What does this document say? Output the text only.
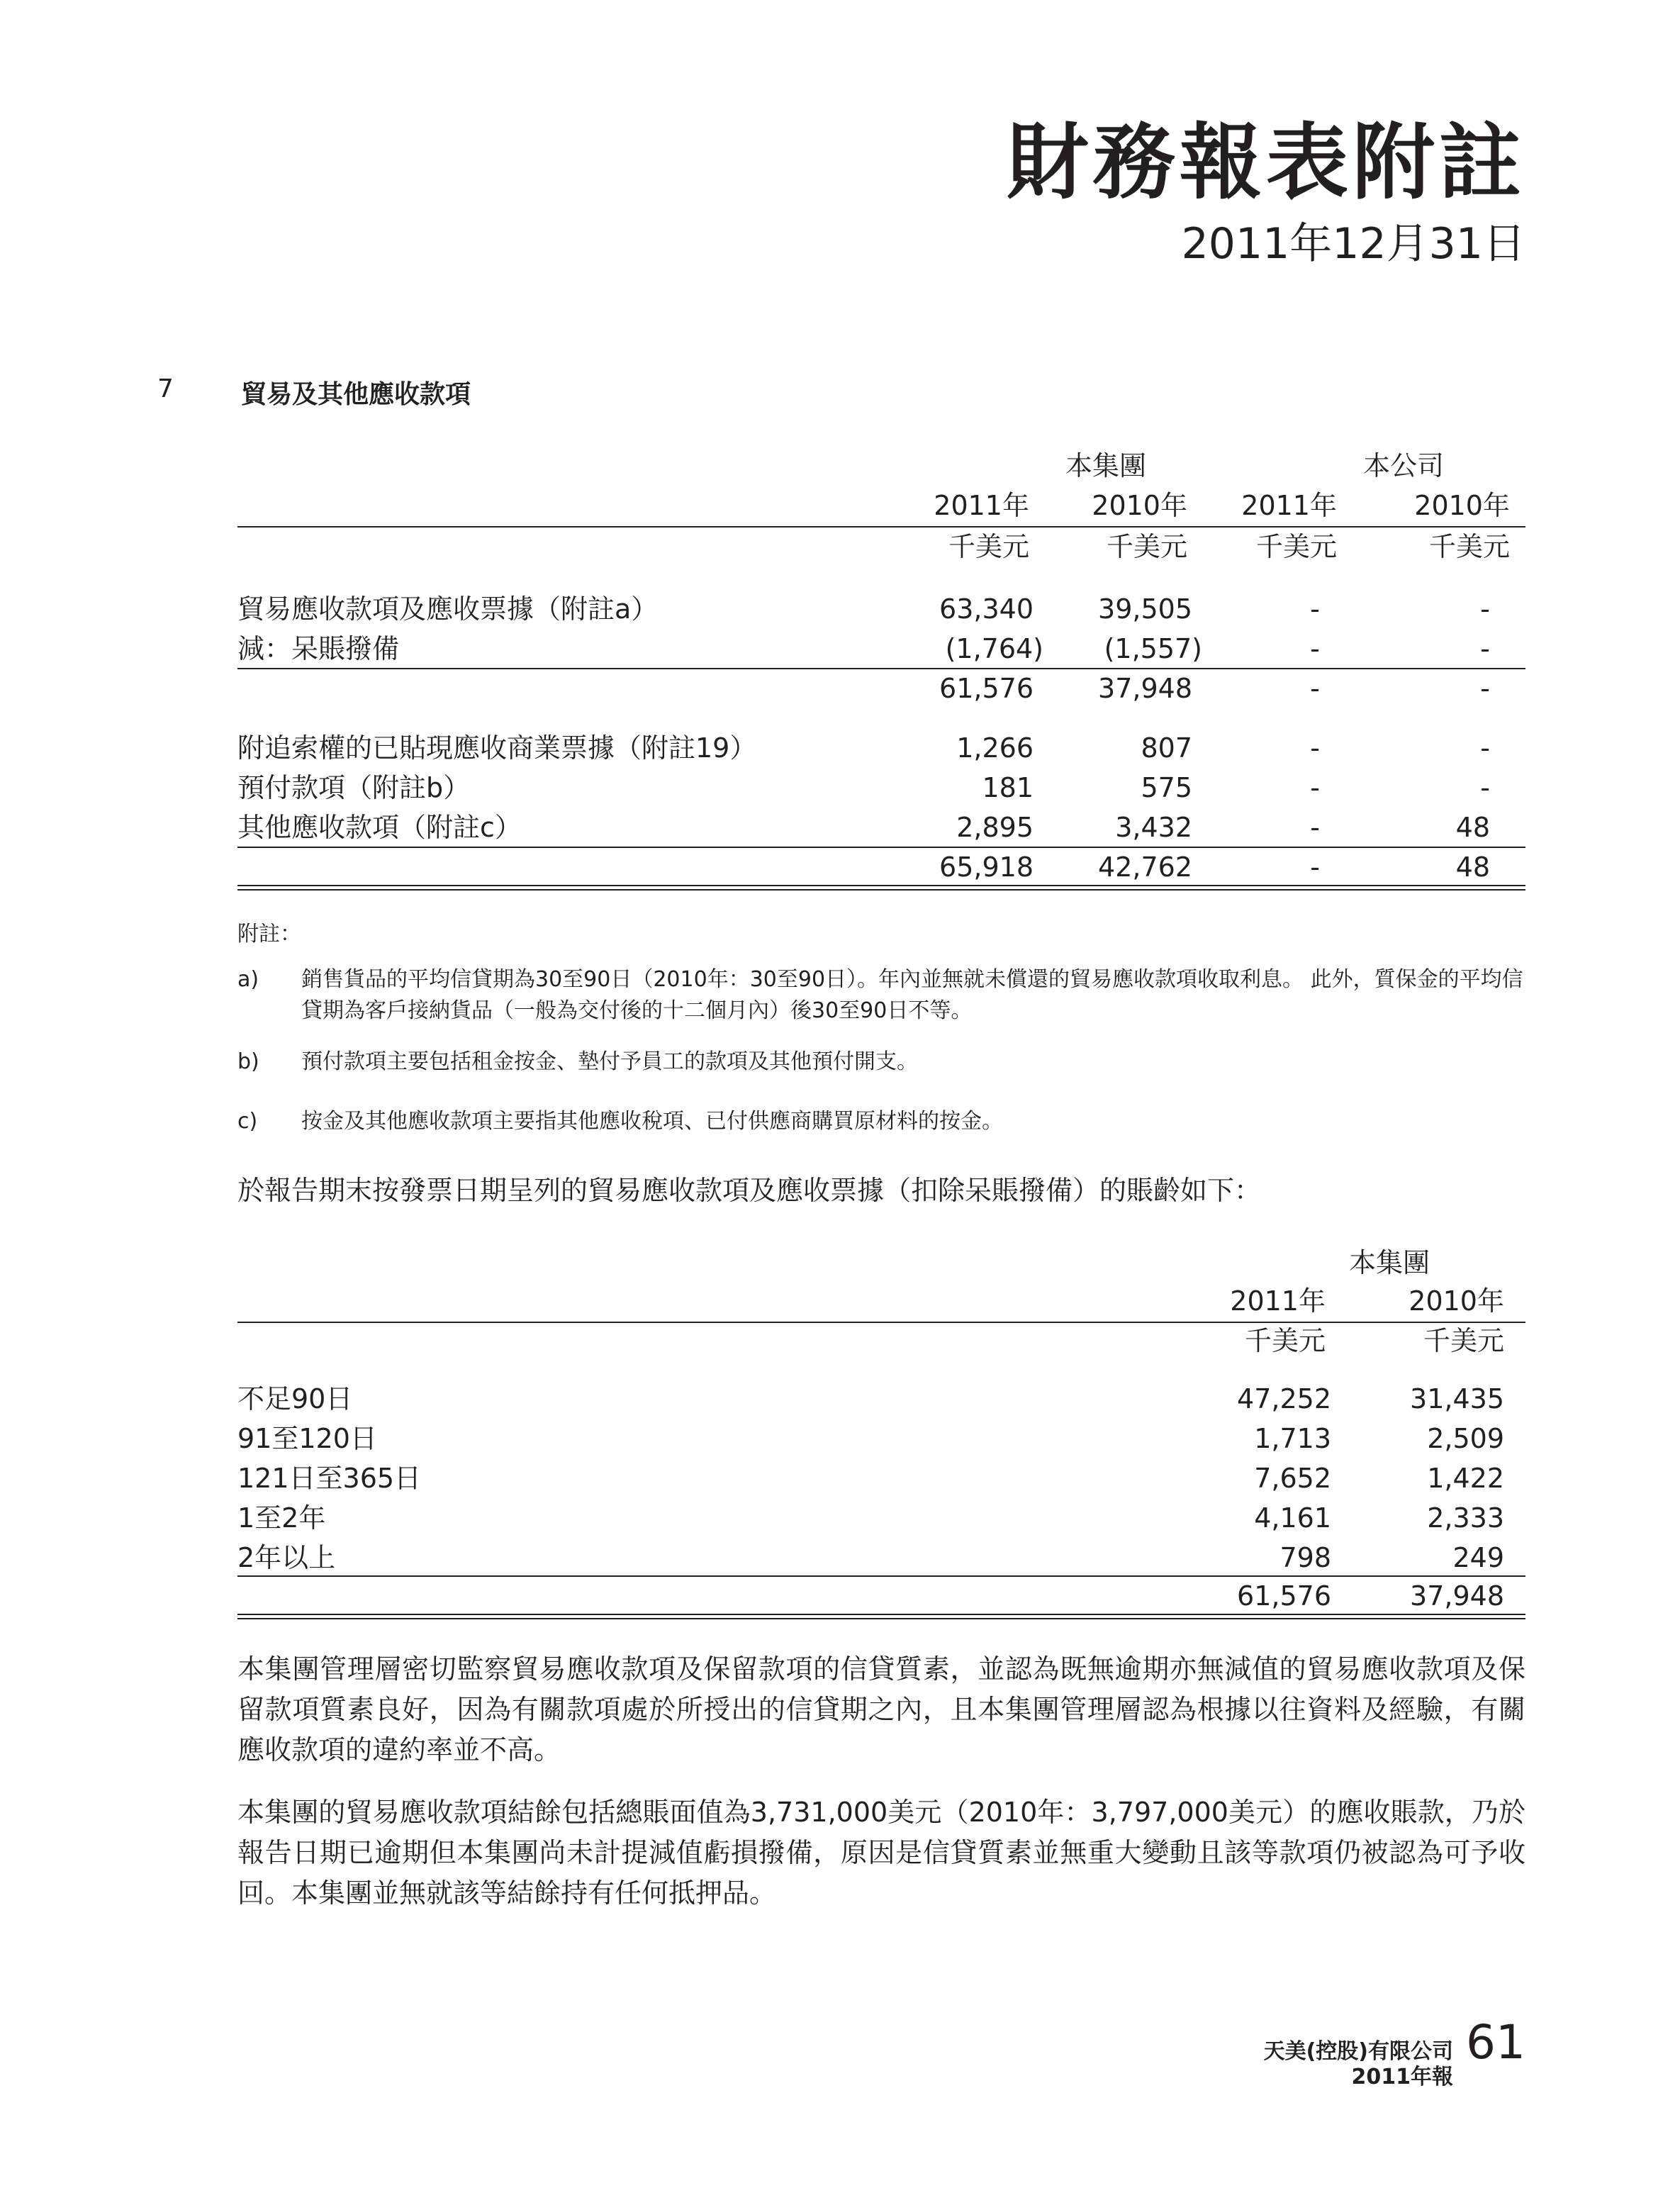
財務報表附註
2011年12月31日
7	貿易及其他應收款項
本集團	本公司
2011年 2010年 2011年	2010年
千美元	千美元	千美元	千美元
貿易應收款項及應收票據（附註a）	63,340 39,505	-	-
減：呆賬撥備	(1,764) (1,557)	-	-
61,576 37,948	-	-
附追索權的已貼現應收商業票據（附註19）	1,266	807	-	-
預付款項（附註b）	181	575	-	-
其他應收款項（附註c）	2,895	3,432	-	48
65,918 42,762	-	48
附註：
a) 銷售貨品的平均信貸期為30至90日（2010年：30至90日）。年內並無就未償還的貿易應收款項收取利息。 此外，質保金的平均信貸期為客戶接納貨品（一般為交付後的十二個月內）後30至90日不等。
b) 預付款項主要包括租金按金、墊付予員工的款項及其他預付開支。
c) 按金及其他應收款項主要指其他應收稅項、已付供應商購買原材料的按金。
於報告期末按發票日期呈列的貿易應收款項及應收票據（扣除呆賬撥備）的賬齡如下：
本集團
2011年	2010年
千美元	千美元
不足90日	47,252	31,435
91至120日	1,713	2,509
121日至365日	7,652	1,422
1至2年	4,161	2,333
2年以上	798	249
61,576	37,948
本集團管理層密切監察貿易應收款項及保留款項的信貸質素，並認為既無逾期亦無減值的貿易應收款項及保留款項質素良好，因為有關款項處於所授出的信貸期之內，且本集團管理層認為根據以往資料及經驗，有關應收款項的違約率並不高。
本集團的貿易應收款項結餘包括總賬面值為3,731,000美元（2010年：3,797,000美元）的應收賬款，乃於報告日期已逾期但本集團尚未計提減值虧損撥備，原因是信貸質素並無重大變動且該等款項仍被認為可予收回。本集團並無就該等結餘持有任何抵押品。
天美(控股)有限公司
2011年報
61
